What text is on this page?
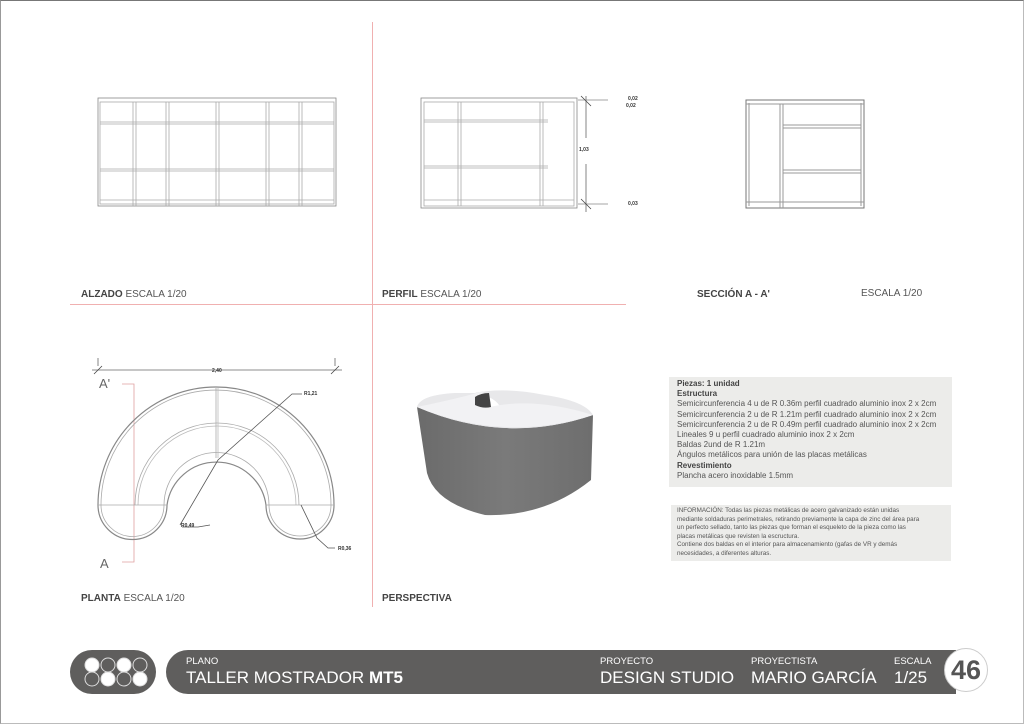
0,02
0,02
1,03
0,03
ALZADO ESCALA 1/20	PERFIL ESCALA 1/20	SECCIÓN A - A'	ESCALA 1/20
PLANTA ESCALA 1/20	PERSPECTIVA
2,40
R1,21
R0,49
R0,36
A'
A
Piezas: 1 unidad
Estructura
Semicircunferencia 4 u de R 0.36m perfil cuadrado aluminio inox 2 x 2cm
Semicircunferencia 2 u de R 1.21m perfil cuadrado aluminio inox 2 x 2cm
Semicircunferencia 2 u de R 0.49m perfil cuadrado aluminio inox 2 x 2cm
Lineales 9 u perfil cuadrado aluminio inox 2 x 2cm
Baldas 2und de R 1.21m
Ángulos metálicos para unión de las placas metálicas
Revestimiento
Plancha acero inoxidable 1.5mm
INFORMACIÓN: Todas las piezas metálicas de acero galvanizado están unidas
mediante soldaduras perimetrales, retirando previamente la capa de zinc del área para
un perfecto sellado, tanto las piezas que forman el esqueleto de la pieza como las
placas metálicas que revisten la escructura.
Contiene dos baldas en el interior para almacenamiento (gafas de VR y demás
necesidades, a diferentes alturas.
PLANO
TALLER MOSTRADOR MT5
PROYECTO
DESIGN STUDIO
PROYECTISTA
MARIO GARCÍA
ESCALA
1/25 46
